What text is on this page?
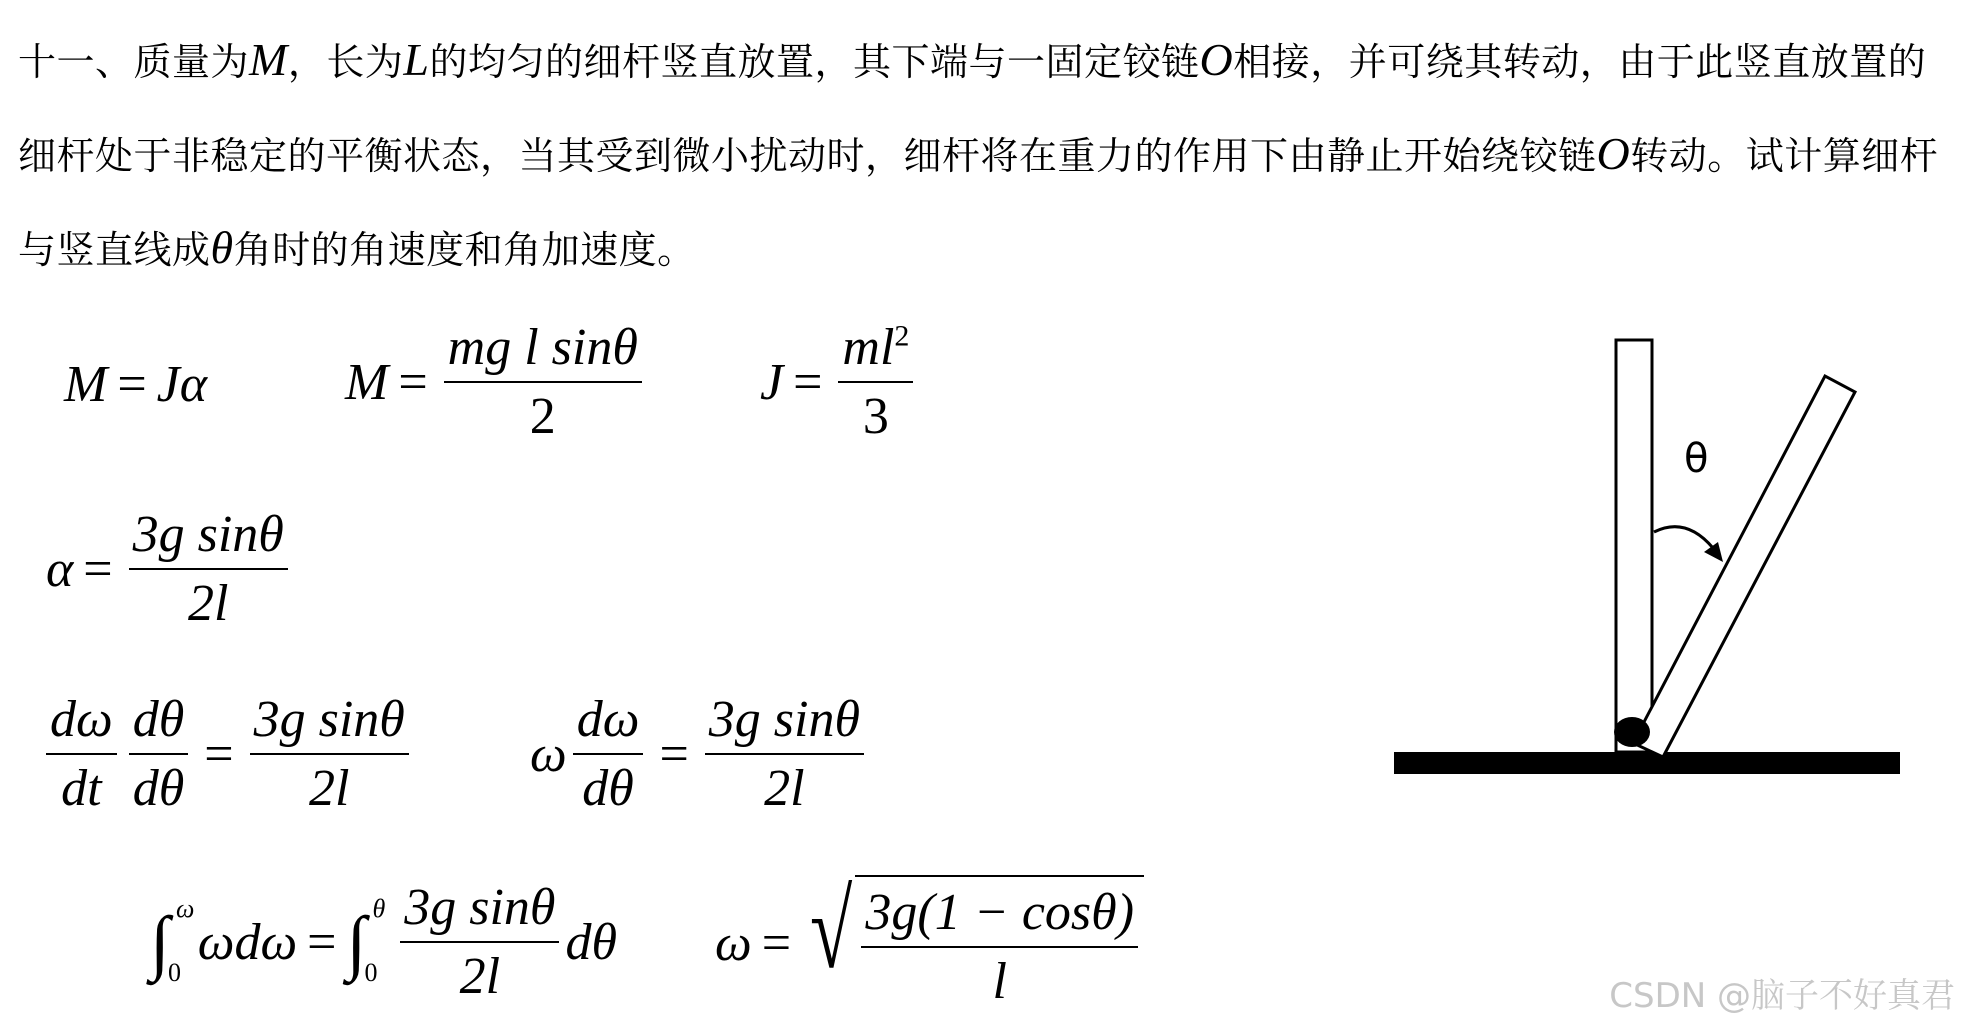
十一、质量为M，长为L的均匀的细杆竖直放置，其下端与一固定铰链O相接，并可绕其转动，由于此竖直放置的细杆处于非稳定的平衡状态，当其受到微小扰动时，细杆将在重力的作用下由静止开始绕铰链O转动。试计算细杆与竖直线成θ角时的角速度和角加速度。

M = Jα	$M = \frac{\text{mg l sinθ}}{2}$ $J = \frac{ml^2}{3}$
$\alpha = \frac{\text{3g sinθ}}{2l}$
$\frac{d\omega}{dt} \frac{d\theta}{d\theta} = \frac{\text{3g sinθ}}{2l}$ ω $\frac{d\omega}{d\theta} = \frac{\text{3g sinθ}}{2l}$
∫ ω
0
ωdω = ∫ θ
$0 \frac{\text{3g sinθ}}{2l}$ dθ ω = √ $\frac{3g(1 - \cos\theta)}{l}$
θ
CSDN @脑子不好真君
